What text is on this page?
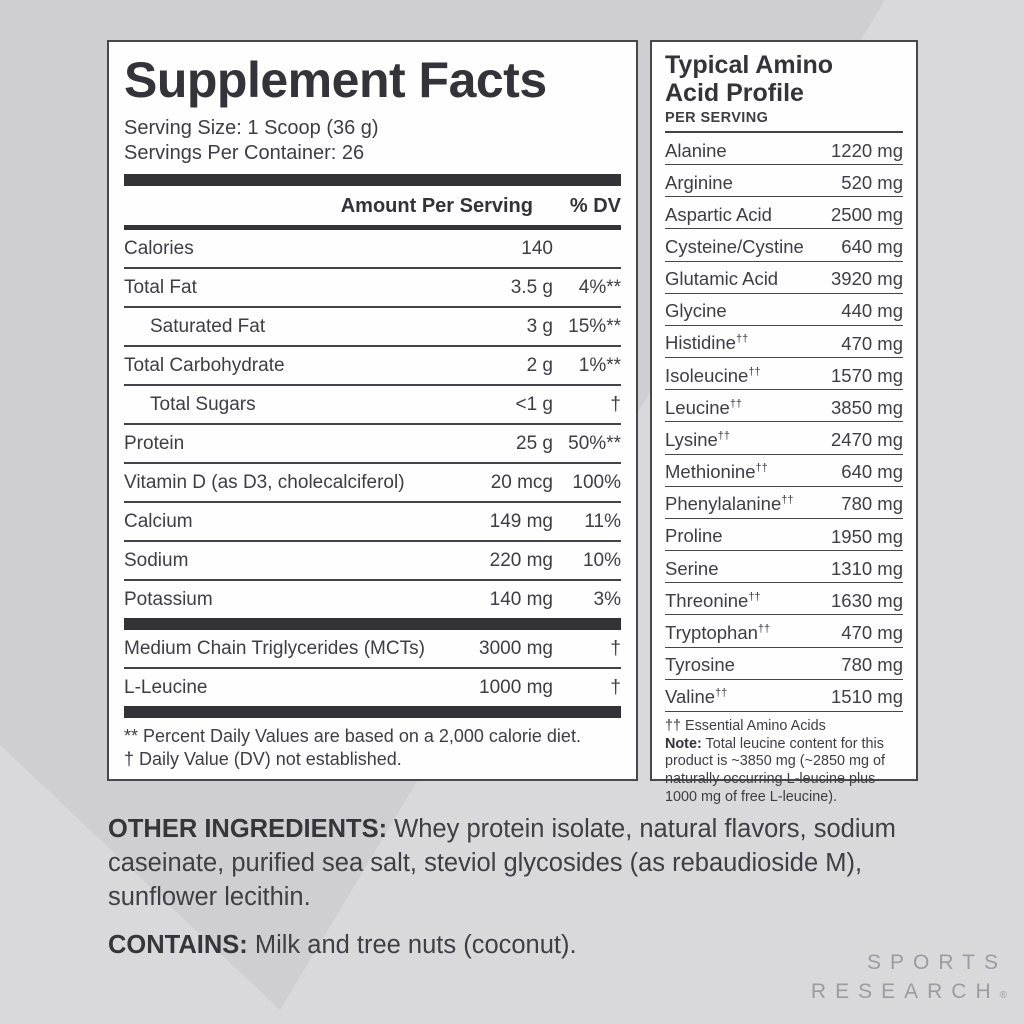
Supplement Facts
Serving Size: 1 Scoop (36 g)
Servings Per Container: 26
Amount Per Serving	% DV
Calories	140
Total Fat	3.5 g	4%**
Saturated Fat	3 g 15%**
Total Carbohydrate	2 g	1%**
Total Sugars	<1 g	†
Protein	25 g 50%**
Vitamin D (as D3, cholecalciferol)	20 mcg	100%
Calcium	149 mg	11%
Sodium	220 mg	10%
Potassium	140 mg	3%
Medium Chain Triglycerides (MCTs)	3000 mg	†
L-Leucine	1000 mg	†
** Percent Daily Values are based on a 2,000 calorie diet.
† Daily Value (DV) not established.
Typical Amino
Acid Profile
PER SERVING
Alanine	1220 mg
Arginine	520 mg
Aspartic Acid	2500 mg
Cysteine/Cystine	640 mg
Glutamic Acid	3920 mg
Glycine	440 mg
Histidine††	470 mg
Isoleucine††	1570 mg
Leucine††	3850 mg
Lysine††	2470 mg
Methionine††	640 mg
Phenylalanine††	780 mg
Proline	1950 mg
Serine	1310 mg
Threonine††	1630 mg
Tryptophan††	470 mg
Tyrosine	780 mg
Valine††	1510 mg
†† Essential Amino Acids
Note: Total leucine content for this product is ~3850 mg (~2850 mg of naturally occurring L-leucine plus 1000 mg of free L-leucine).
OTHER INGREDIENTS: Whey protein isolate, natural flavors, sodium caseinate, purified sea salt, steviol glycosides (as rebaudioside M), sunflower lecithin.
CONTAINS: Milk and tree nuts (coconut).
SPORTS
RESEARCH®
